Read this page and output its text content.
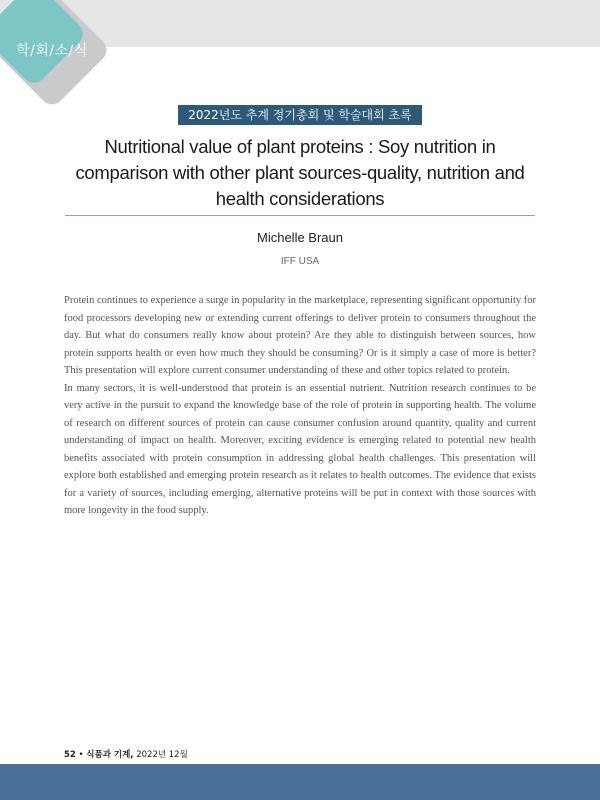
학/회/소/식
2022년도 추계 정기총회 및 학술대회 초록
Nutritional value of plant proteins : Soy nutrition in comparison with other plant sources-quality, nutrition and health considerations
Michelle Braun
IFF USA

Protein continues to experience a surge in popularity in the marketplace, representing significant opportunity for food processors developing new or extending current offerings to deliver protein to consumers throughout the day. But what do consumers really know about protein? Are they able to distinguish between sources, how protein supports health or even how much they should be consuming? Or is it simply a case of more is better? This presentation will explore current consumer understanding of these and other topics related to protein.

In many sectors, it is well-understood that protein is an essential nutrient. Nutrition research continues to be very active in the pursuit to expand the knowledge base of the role of protein in supporting health. The volume of research on different sources of protein can cause consumer confusion around quantity, quality and current understanding of impact on health. Moreover, exciting evidence is emerging related to potential new health benefits associated with protein consumption in addressing global health challenges. This presentation will explore both established and emerging protein research as it relates to health outcomes. The evidence that exists for a variety of sources, including emerging, alternative proteins will be put in context with those sources with more longevity in the food supply.

52 • 식품과 기계, 2022년 12월
